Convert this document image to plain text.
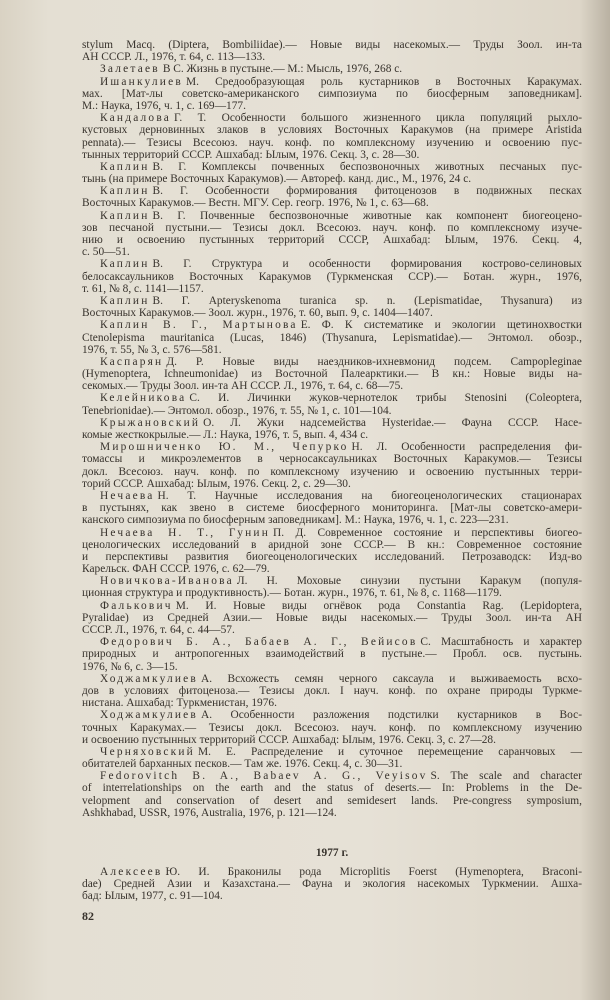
stylum Macq. (Diptera, Bombiliidae).— Новые виды насекомых.— Труды Зоол. ин-та
АН СССР. Л., 1976, т. 64, с. 113—133.
Залетаев В С. Жизнь в пустыне.— М.: Мысль, 1976, 268 с.
Ишанкулиев М. Средообразующая роль кустарников в Восточных Каракумах.
мах. [Мат-лы советско-американского симпозиума по биосферным заповедникам].
М.: Наука, 1976, ч. 1, с. 169—177.
Кандалова Г. Т. Особенности большого жизненного цикла популяций рыхло-
кустовых дерновинных злаков в условиях Восточных Каракумов (на примере Aristida
pennata).— Тезисы Всесоюз. науч. конф. по комплексному изучению и освоению пус-
тынных территорий СССР. Ашхабад: Ылым, 1976. Секц. 3, с. 28—30.
Каплин В. Г. Комплексы почвенных беспозвоночных животных песчаных пус-
тынь (на примере Восточных Каракумов).— Автореф. канд. дис., М., 1976, 24 с.
Каплин В. Г. Особенности формирования фитоценозов в подвижных песках
Восточных Каракумов.— Вестн. МГУ. Сер. геогр. 1976, № 1, с. 63—68.
Каплин В. Г. Почвенные беспозвоночные животные как компонент биогеоцено-
зов песчаной пустыни.— Тезисы докл. Всесоюз. науч. конф. по комплексному изуче-
нию и освоению пустынных территорий СССР, Ашхабад: Ылым, 1976. Секц. 4,
с. 50—51.
Каплин В. Г. Структура и особенности формирования кострово-селиновых
белосаксаульников Восточных Каракумов (Туркменская ССР).— Ботан. журн., 1976,
т. 61, № 8, с. 1141—1157.
Каплин В. Г. Apteryskenoma turanica sp. n. (Lepismatidae, Thysanura) из
Восточных Каракумов.— Зоол. журн., 1976, т. 60, вып. 9, с. 1404—1407.
Каплин В. Г., Мартынова Е. Ф. К систематике и экологии щетинохвостки
Ctenolepisma mauritanica (Lucas, 1846) (Thysanura, Lepismatidae).— Энтомол. обозр.,
1976, т. 55, № 3, с. 576—581.
Каспарян Д. Р. Новые виды наездников-ихневмонид подсем. Campopleginae
(Hymenoptera, Ichneumonidae) из Восточной Палеарктики.— В кн.: Новые виды на-
секомых.— Труды Зоол. ин-та АН СССР. Л., 1976, т. 64, с. 68—75.
Келейникова С. И. Личинки жуков-чернотелок трибы Stenosini (Coleoptera,
Tenebrionidae).— Энтомол. обозр., 1976, т. 55, № 1, с. 101—104.
Крыжановский О. Л. Жуки надсемейства Hysteridae.— Фауна СССР. Насе-
комые жесткокрылые.— Л.: Наука, 1976, т. 5, вып. 4, 434 с.
Мирошниченко Ю. М., Чепурко Н. Л. Особенности распределения фи-
томассы и микроэлементов в черносаксаульниках Восточных Каракумов.— Тезисы
докл. Всесоюз. науч. конф. по комплексному изучению и освоению пустынных терри-
торий СССР. Ашхабад: Ылым, 1976. Секц. 2, с. 29—30.
Нечаева Н. Т. Научные исследования на биогеоценологических стационарах
в пустынях, как звено в системе биосферного мониторинга. [Мат-лы советско-амери-
канского симпозиума по биосферным заповедникам]. М.: Наука, 1976, ч. 1, с. 223—231.
Нечаева Н. Т., Гунин П. Д. Современное состояние и перспективы биогео-
ценологических исследований в аридной зоне СССР.— В кн.: Современное состояние
и перспективы развития биогеоценологических исследований. Петрозаводск: Изд-во
Карельск. ФАН СССР. 1976, с. 62—79.
Новичкова-Иванова Л. Н. Моховые синузии пустыни Каракум (популя-
ционная структура и продуктивность).— Ботан. журн., 1976, т. 61, № 8, с. 1168—1179.
Фалькович М. И. Новые виды огнёвок рода Constantia Rag. (Lepidoptera,
Pyralidae) из Средней Азии.— Новые виды насекомых.— Труды Зоол. ин-та АН
СССР. Л., 1976, т. 64, с. 44—57.
Федорович Б. А., Бабаев А. Г., Вейисов С. Масштабность и характер
природных и антропогенных взаимодействий в пустыне.— Пробл. осв. пустынь.
1976, № 6, с. 3—15.
Ходжамкулиев А. Всхожесть семян черного саксаула и выживаемость всхо-
дов в условиях фитоценоза.— Тезисы докл. I науч. конф. по охране природы Туркме-
нистана. Ашхабад: Туркменистан, 1976.
Ходжамкулиев А. Особенности разложения подстилки кустарников в Вос-
точных Каракумах.— Тезисы докл. Всесоюз. науч. конф. по комплексному изучению
и освоению пустынных территорий СССР. Ашхабад: Ылым, 1976. Секц. 3, с. 27—28.
Черняховский М. Е. Распределение и суточное перемещение саранчовых —
обитателей барханных песков.— Там же. 1976. Секц. 4, с. 30—31.
Fedorovitch B. A., Babaev A. G., Veyisov S. The scale and character
of interrelationships on the earth and the status of deserts.— In: Problems in the De-
velopment and conservation of desert and semidesert lands. Pre-congress symposium,
Ashkhabad, USSR, 1976, Australia, 1976, p. 121—124.
1977 г.
Алексеев Ю. И. Браконилы рода Microplitis Foerst (Hymenoptera, Braconi-
dae) Средней Азии и Казахстана.— Фауна и экология насекомых Туркмении. Ашха-
бад: Ылым, 1977, с. 91—104.
82
